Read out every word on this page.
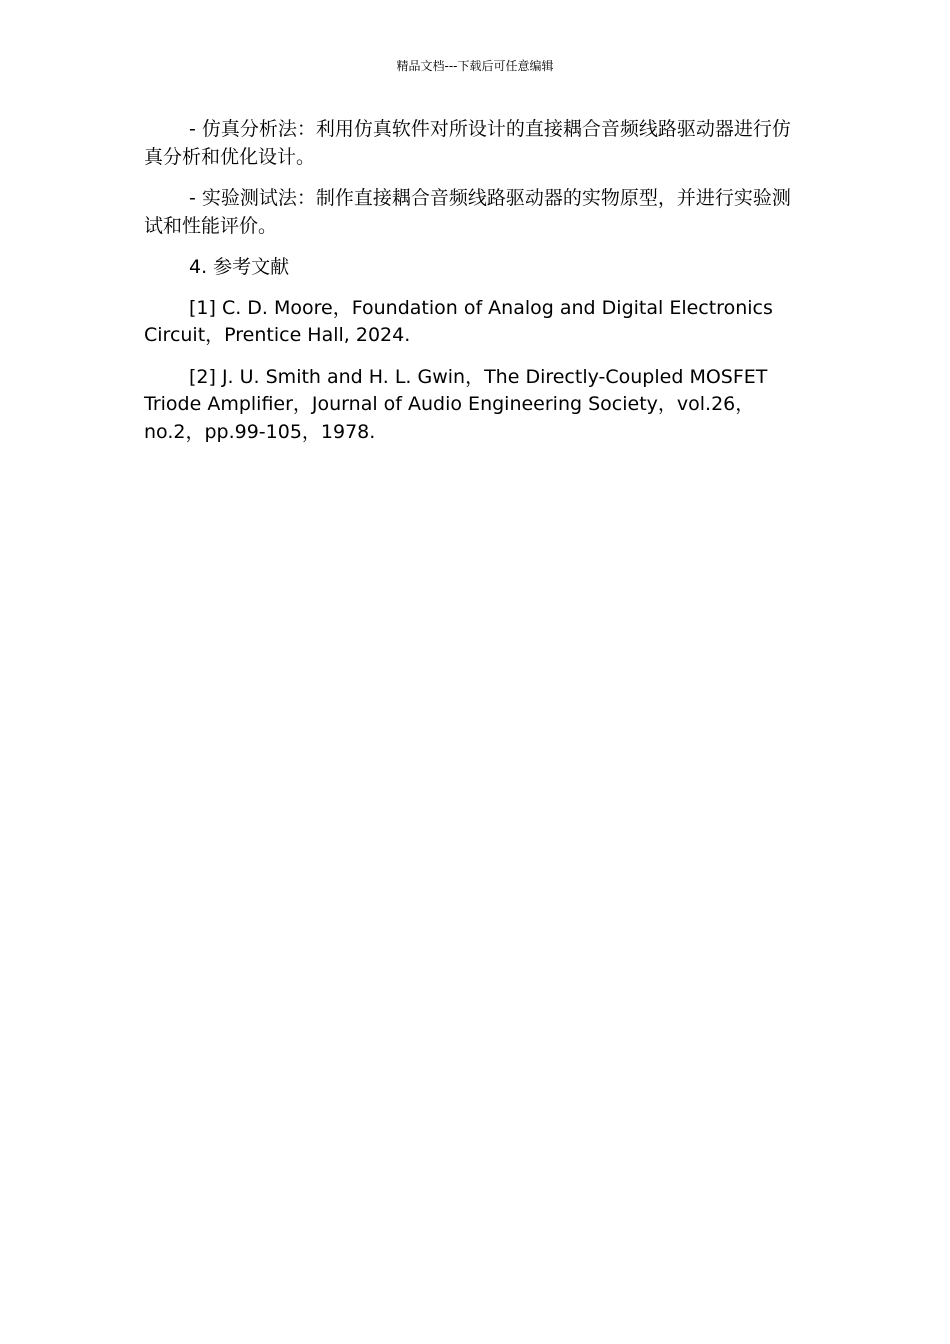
精品文档---下载后可任意编辑

- 仿真分析法：利用仿真软件对所设计的直接耦合音频线路驱动器进行仿真分析和优化设计。

- 实验测试法：制作直接耦合音频线路驱动器的实物原型，并进行实验测试和性能评价。

4. 参考文献

[1] C. D. Moore，Foundation of Analog and Digital Electronics Circuit，Prentice Hall, 2024.

[2] J. U. Smith and H. L. Gwin，The Directly-Coupled MOSFET Triode Amplifier，Journal of Audio Engineering Society，vol.26，no.2，pp.99-105，1978.
